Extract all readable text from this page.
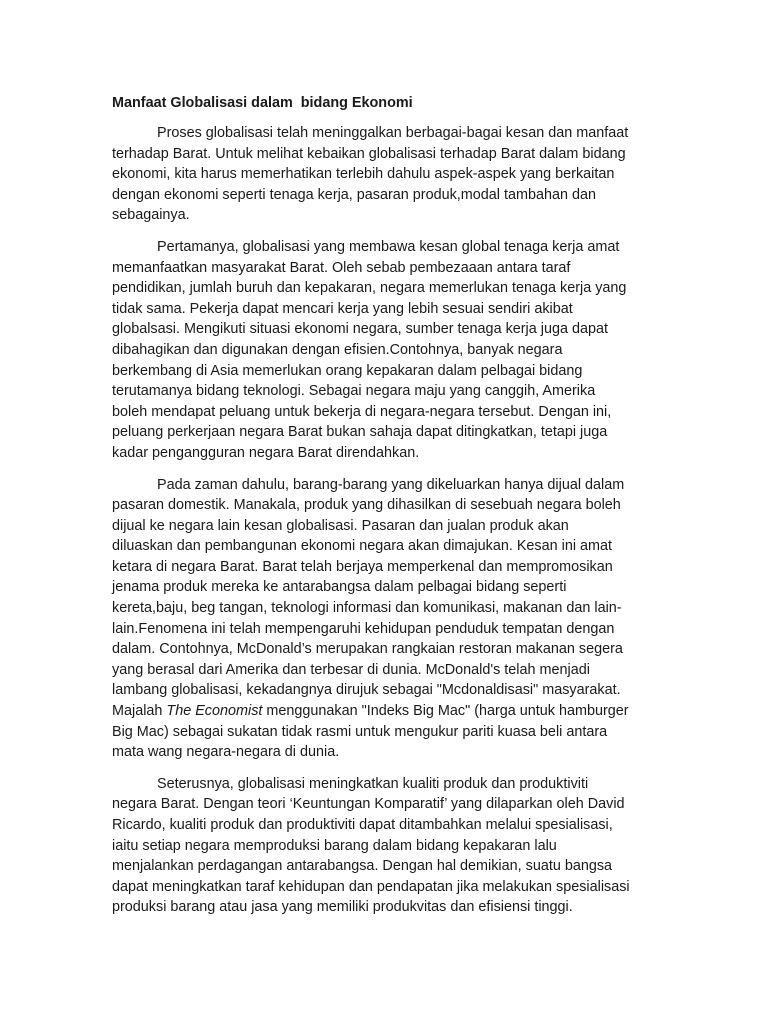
Manfaat Globalisasi dalam  bidang Ekonomi
Proses globalisasi telah meninggalkan berbagai-bagai kesan dan manfaat
terhadap Barat. Untuk melihat kebaikan globalisasi terhadap Barat dalam bidang
ekonomi, kita harus memerhatikan terlebih dahulu aspek-aspek yang berkaitan
dengan ekonomi seperti tenaga kerja, pasaran produk,modal tambahan dan
sebagainya.
Pertamanya, globalisasi yang membawa kesan global tenaga kerja amat
memanfaatkan masyarakat Barat. Oleh sebab pembezaaan antara taraf
pendidikan, jumlah buruh dan kepakaran, negara memerlukan tenaga kerja yang
tidak sama. Pekerja dapat mencari kerja yang lebih sesuai sendiri akibat
globalsasi. Mengikuti situasi ekonomi negara, sumber tenaga kerja juga dapat
dibahagikan dan digunakan dengan efisien.Contohnya, banyak negara
berkembang di Asia memerlukan orang kepakaran dalam pelbagai bidang
terutamanya bidang teknologi. Sebagai negara maju yang canggih, Amerika
boleh mendapat peluang untuk bekerja di negara-negara tersebut. Dengan ini,
peluang perkerjaan negara Barat bukan sahaja dapat ditingkatkan, tetapi juga
kadar pengangguran negara Barat direndahkan.
Pada zaman dahulu, barang-barang yang dikeluarkan hanya dijual dalam
pasaran domestik. Manakala, produk yang dihasilkan di sesebuah negara boleh
dijual ke negara lain kesan globalisasi. Pasaran dan jualan produk akan
diluaskan dan pembangunan ekonomi negara akan dimajukan. Kesan ini amat
ketara di negara Barat. Barat telah berjaya memperkenal dan mempromosikan
jenama produk mereka ke antarabangsa dalam pelbagai bidang seperti
kereta,baju, beg tangan, teknologi informasi dan komunikasi, makanan dan lain-
lain.Fenomena ini telah mempengaruhi kehidupan penduduk tempatan dengan
dalam. Contohnya, McDonald’s merupakan rangkaian restoran makanan segera
yang berasal dari Amerika dan terbesar di dunia. McDonald's telah menjadi
lambang globalisasi, kekadangnya dirujuk sebagai "Mcdonaldisasi" masyarakat.
Majalah The Economist menggunakan "Indeks Big Mac" (harga untuk hamburger
Big Mac) sebagai sukatan tidak rasmi untuk mengukur pariti kuasa beli antara
mata wang negara-negara di dunia.
Seterusnya, globalisasi meningkatkan kualiti produk dan produktiviti
negara Barat. Dengan teori ‘Keuntungan Komparatif’ yang dilaparkan oleh David
Ricardo, kualiti produk dan produktiviti dapat ditambahkan melalui spesialisasi,
iaitu setiap negara memproduksi barang dalam bidang kepakaran lalu
menjalankan perdagangan antarabangsa. Dengan hal demikian, suatu bangsa
dapat meningkatkan taraf kehidupan dan pendapatan jika melakukan spesialisasi
produksi barang atau jasa yang memiliki produkvitas dan efisiensi tinggi.
